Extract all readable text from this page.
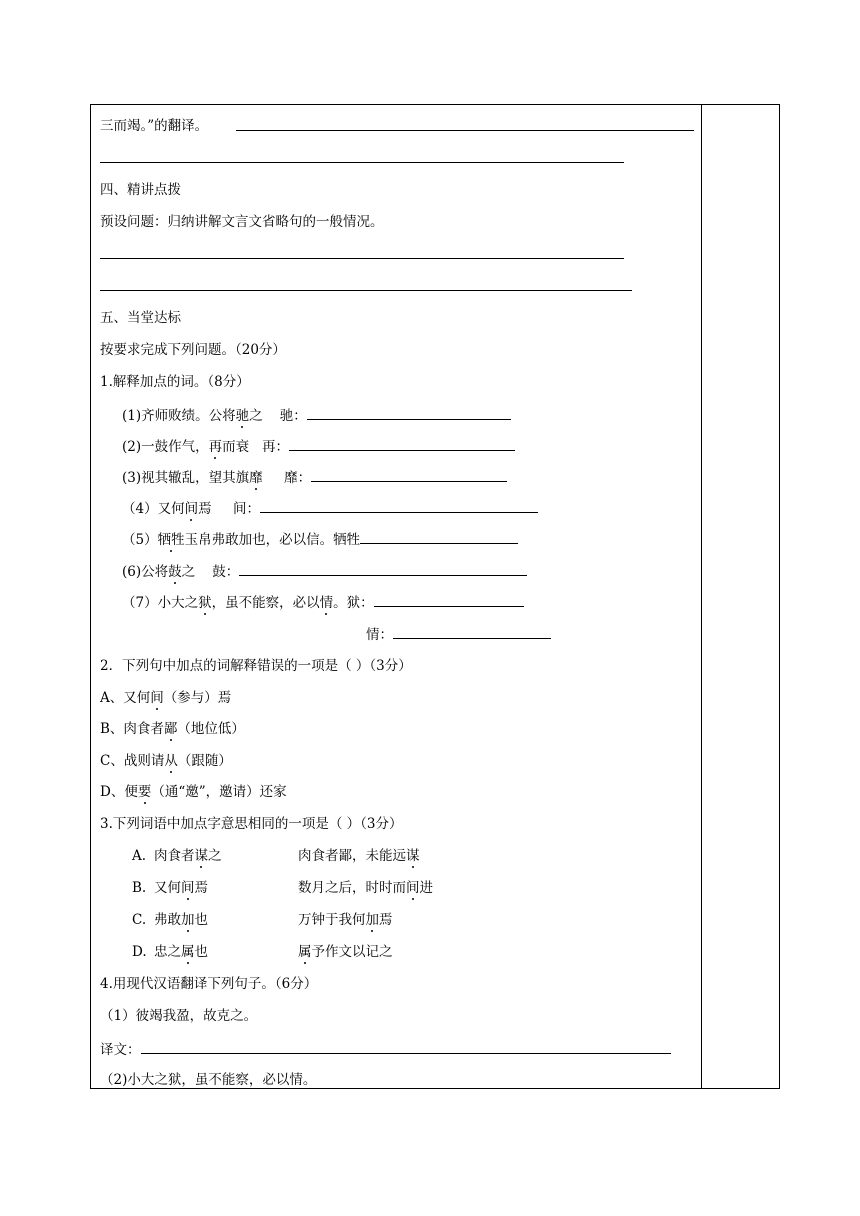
三而竭。”的翻译。
四、精讲点拨
预设问题：归纳讲解文言文省略句的一般情况。
五、当堂达标
按要求完成下列问题。（20分）
1.解释加点的词。（8分）
(1)齐师败绩。公将驰之    驰：
(2)一鼓作气，再而衰   再：
(3)视其辙乱，望其旗靡     靡：
（4）又何间焉     间：
（5）牺牲玉帛弗敢加也，必以信。牺牲
(6)公将鼓之    鼓：
（7）小大之狱，虽不能察，必以情。狱：
情：
2．下列句中加点的词解释错误的一项是（ ）（3分）
A、又何间（参与）焉
B、肉食者鄙（地位低）
C、战则请从（跟随）
D、便要（通“邀”，邀请）还家
3.下列词语中加点字意思相同的一项是（ ）（3分）
A. 肉食者谋之	肉食者鄙，未能远谋
B. 又何间焉	数月之后，时时而间进
C. 弗敢加也	万钟于我何加焉
D. 忠之属也	属予作文以记之
4.用现代汉语翻译下列句子。（6分）
（1）彼竭我盈，故克之。
译文：
（2)小大之狱，虽不能察，必以情。
